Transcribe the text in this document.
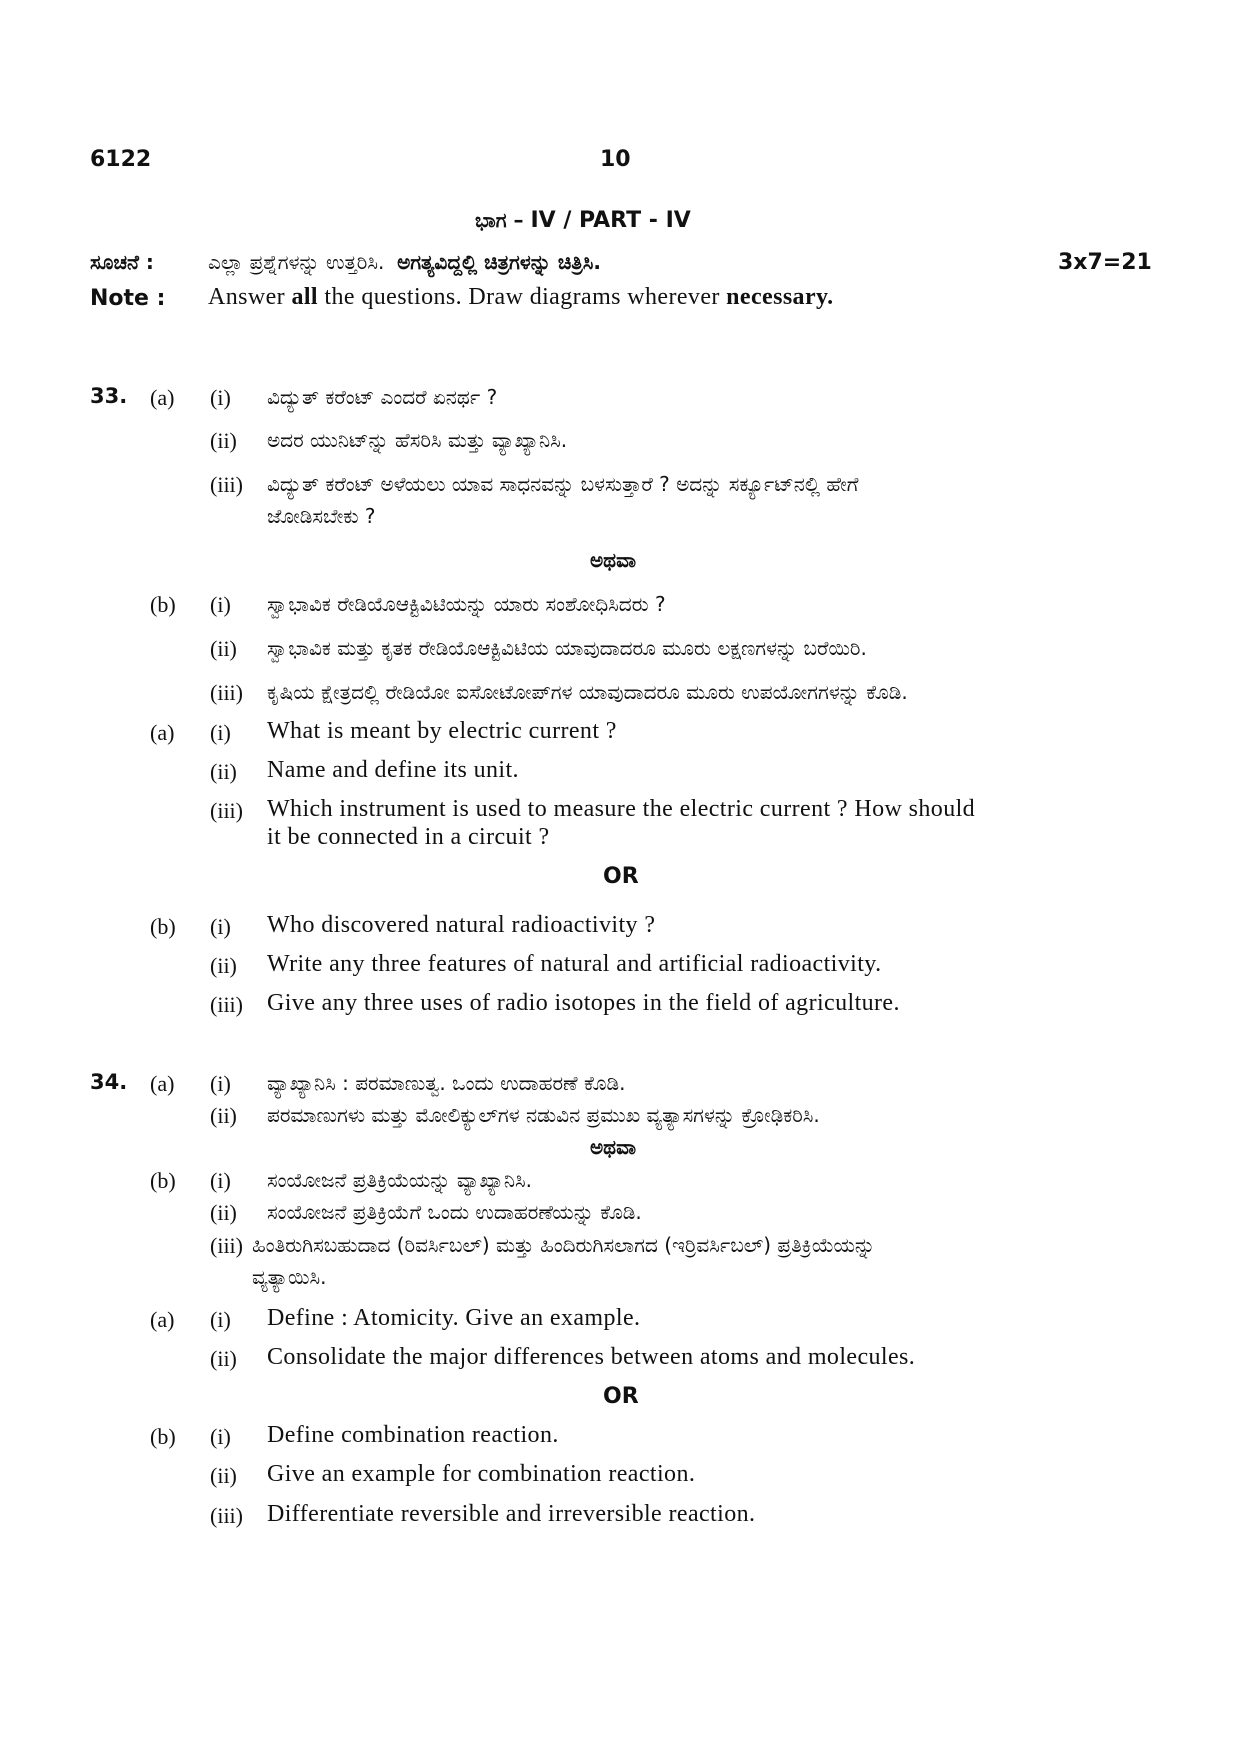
6122	10
ಭಾಗ – IV / PART - IV
ಸೂಚನೆ :	ಎಲ್ಲಾ ಪ್ರಶ್ನೆಗಳನ್ನು ಉತ್ತರಿಸಿ. ಅಗತ್ಯವಿದ್ದಲ್ಲಿ ಚಿತ್ರಗಳನ್ನು ಚಿತ್ರಿಸಿ.	3x7=21
Note : Answer all the questions. Draw diagrams wherever necessary.
33. (a) (i) ವಿದ್ಯುತ್ ಕರೆಂಟ್ ಎಂದರೆ ಏನರ್ಥ ?
(ii) ಅದರ ಯುನಿಟ್‌ನ್ನು ಹೆಸರಿಸಿ ಮತ್ತು ವ್ಯಾಖ್ಯಾನಿಸಿ.
(iii) ವಿದ್ಯುತ್ ಕರೆಂಟ್ ಅಳೆಯಲು ಯಾವ ಸಾಧನವನ್ನು ಬಳಸುತ್ತಾರೆ ? ಅದನ್ನು ಸರ್ಕ್ಯೂಟ್‌ನಲ್ಲಿ ಹೇಗೆ
ಜೋಡಿಸಬೇಕು ?
ಅಥವಾ
(b) (i) ಸ್ವಾಭಾವಿಕ ರೇಡಿಯೊಆಕ್ಟಿವಿಟಿಯನ್ನು ಯಾರು ಸಂಶೋಧಿಸಿದರು ?
(ii) ಸ್ವಾಭಾವಿಕ ಮತ್ತು ಕೃತಕ ರೇಡಿಯೊಆಕ್ಟಿವಿಟಿಯ ಯಾವುದಾದರೂ ಮೂರು ಲಕ್ಷಣಗಳನ್ನು ಬರೆಯಿರಿ.
(iii) ಕೃಷಿಯ ಕ್ಷೇತ್ರದಲ್ಲಿ ರೇಡಿಯೋ ಐಸೋಟೋಪ್‌ಗಳ ಯಾವುದಾದರೂ ಮೂರು ಉಪಯೋಗಗಳನ್ನು ಕೊಡಿ.
(a) (i) What is meant by electric current ?
(ii) Name and define its unit.
(iii) Which instrument is used to measure the electric current ? How should
it be connected in a circuit ?
OR
(b) (i) Who discovered natural radioactivity ?
(ii) Write any three features of natural and artificial radioactivity.
(iii) Give any three uses of radio isotopes in the field of agriculture.
34. (a) (i) ವ್ಯಾಖ್ಯಾನಿಸಿ : ಪರಮಾಣುತ್ವ. ಒಂದು ಉದಾಹರಣೆ ಕೊಡಿ.
(ii) ಪರಮಾಣುಗಳು ಮತ್ತು ಮೋಲಿಕ್ಯುಲ್‌ಗಳ ನಡುವಿನ ಪ್ರಮುಖ ವ್ಯತ್ಯಾಸಗಳನ್ನು ಕ್ರೋಢಿಕರಿಸಿ.
ಅಥವಾ
(b) (i) ಸಂಯೋಜನೆ ಪ್ರತಿಕ್ರಿಯೆಯನ್ನು ವ್ಯಾಖ್ಯಾನಿಸಿ.
(ii) ಸಂಯೋಜನೆ ಪ್ರತಿಕ್ರಿಯೆಗೆ ಒಂದು ಉದಾಹರಣೆಯನ್ನು ಕೊಡಿ.
(iii) ಹಿಂತಿರುಗಿಸಬಹುದಾದ (ರಿವರ್ಸಿಬಲ್) ಮತ್ತು ಹಿಂದಿರುಗಿಸಲಾಗದ (ಇರ್ರಿವರ್ಸಿಬಲ್) ಪ್ರತಿಕ್ರಿಯೆಯನ್ನು
ವ್ಯತ್ಯಾಯಿಸಿ.
(a) (i) Define : Atomicity. Give an example.
(ii) Consolidate the major differences between atoms and molecules.
OR
(b) (i) Define combination reaction.
(ii) Give an example for combination reaction.
(iii) Differentiate reversible and irreversible reaction.
